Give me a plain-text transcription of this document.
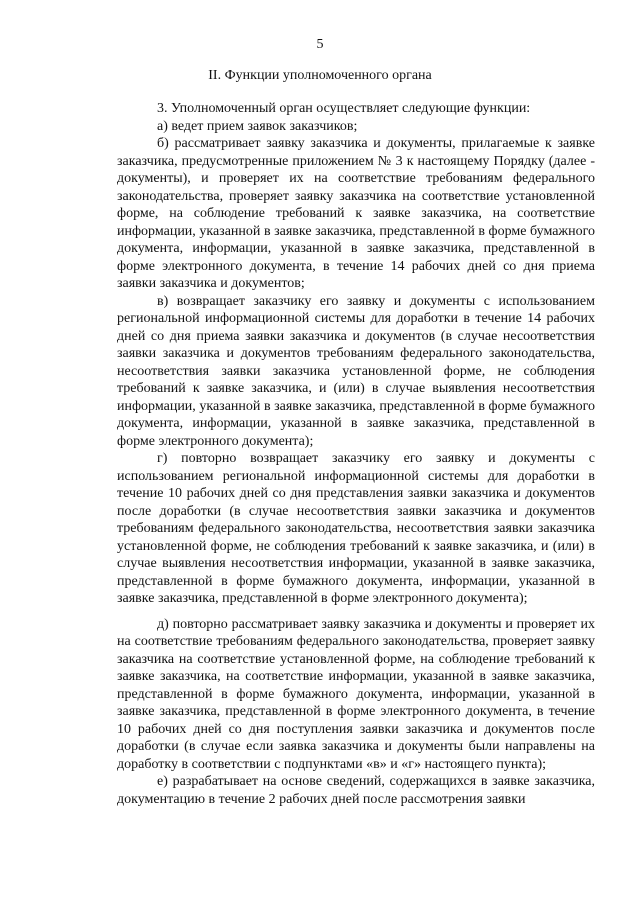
5
II. Функции уполномоченного органа

3. Уполномоченный орган осуществляет следующие функции:

а) ведет прием заявок заказчиков;

б) рассматривает заявку заказчика и документы, прилагаемые к заявке заказчика, предусмотренные приложением № 3 к настоящему Порядку (далее - документы), и проверяет их на соответствие требованиям федерального законодательства, проверяет заявку заказчика на соответствие установленной форме, на соблюдение требований к заявке заказчика, на соответствие информации, указанной в заявке заказчика, представленной в форме бумажного документа, информации, указанной в заявке заказчика, представленной в форме электронного документа, в течение 14 рабочих дней со дня приема заявки заказчика и документов;

в) возвращает заказчику его заявку и документы с использованием региональной информационной системы для доработки в течение 14 рабочих дней со дня приема заявки заказчика и документов (в случае несоответствия заявки заказчика и документов требованиям федерального законодательства, несоответствия заявки заказчика установленной форме, не соблюдения требований к заявке заказчика, и (или) в случае выявления несоответствия информации, указанной в заявке заказчика, представленной в форме бумажного документа, информации, указанной в заявке заказчика, представленной в форме электронного документа);

г) повторно возвращает заказчику его заявку и документы с использованием региональной информационной системы для доработки в течение 10 рабочих дней со дня представления заявки заказчика и документов после доработки (в случае несоответствия заявки заказчика и документов требованиям федерального законодательства, несоответствия заявки заказчика установленной форме, не соблюдения требований к заявке заказчика, и (или) в случае выявления несоответствия информации, указанной в заявке заказчика, представленной в форме бумажного документа, информации, указанной в заявке заказчика, представленной в форме электронного документа);

д) повторно рассматривает заявку заказчика и документы и проверяет их на соответствие требованиям федерального законодательства, проверяет заявку заказчика на соответствие установленной форме, на соблюдение требований к заявке заказчика, на соответствие информации, указанной в заявке заказчика, представленной в форме бумажного документа, информации, указанной в заявке заказчика, представленной в форме электронного документа, в течение 10 рабочих дней со дня поступления заявки заказчика и документов после доработки (в случае если заявка заказчика и документы были направлены на доработку в соответствии с подпунктами «в» и «г» настоящего пункта);

е) разрабатывает на основе сведений, содержащихся в заявке заказчика, документацию в течение 2 рабочих дней после рассмотрения заявки
